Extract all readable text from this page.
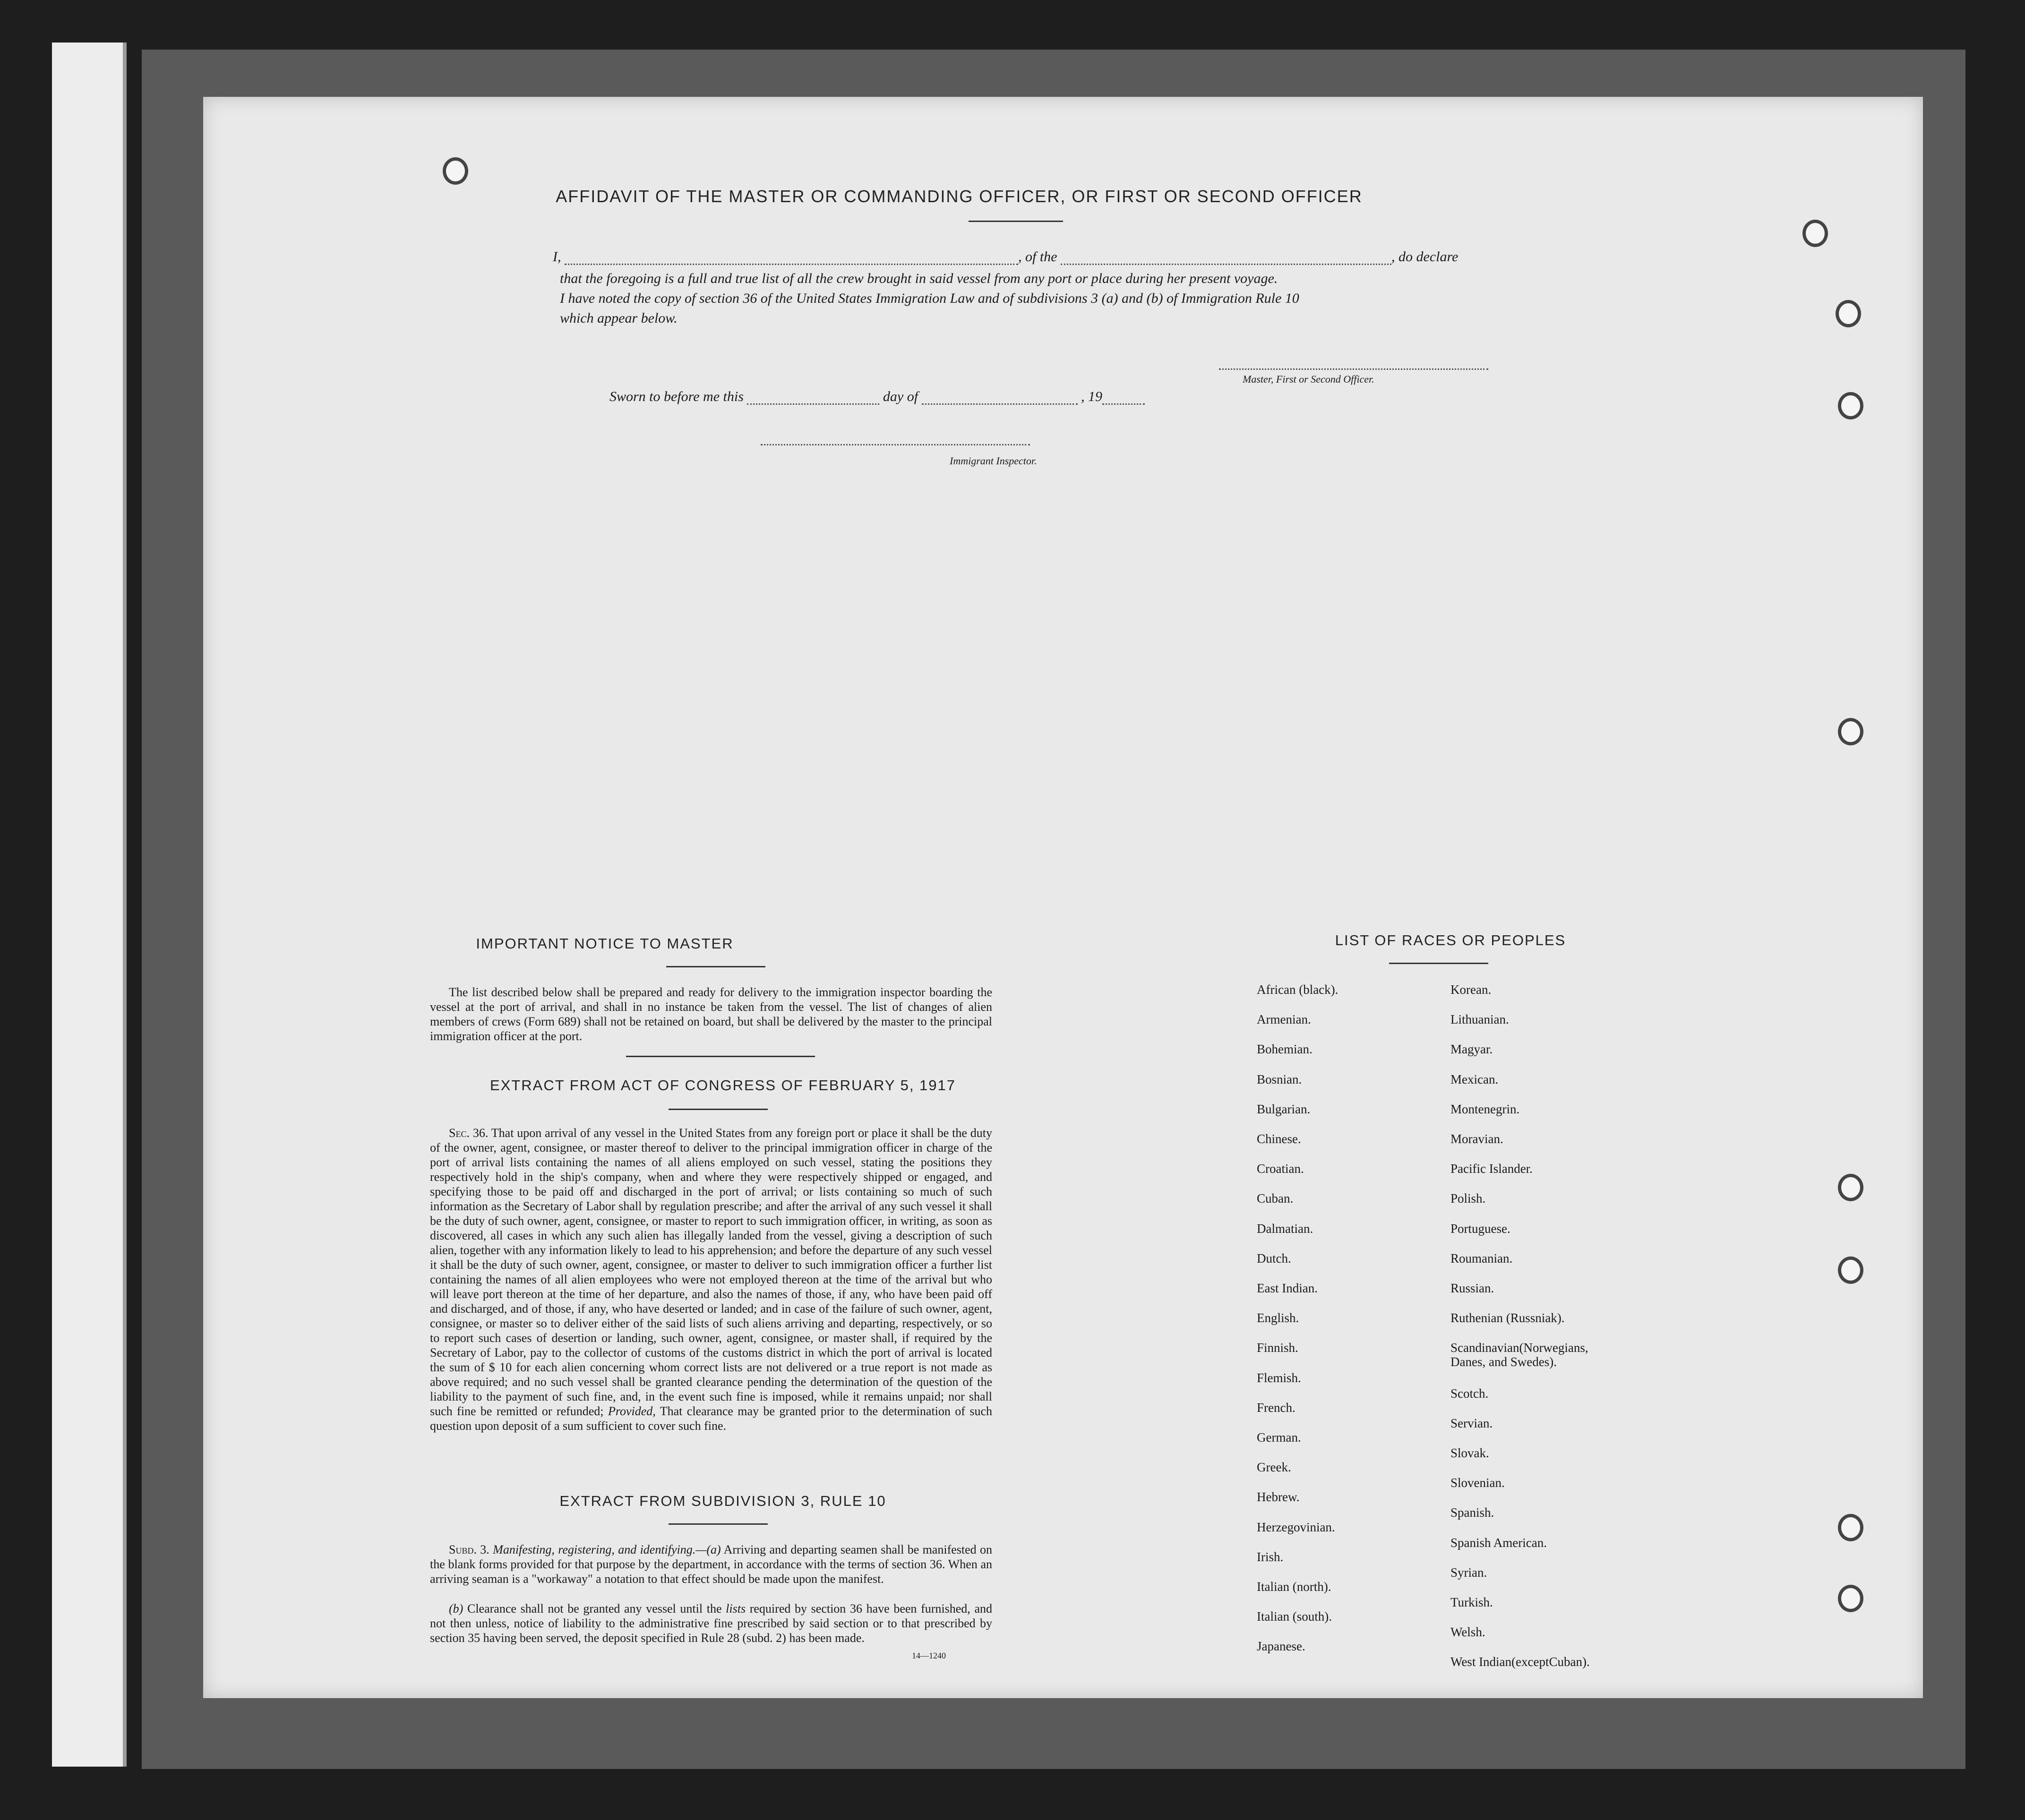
AFFIDAVIT OF THE MASTER OR COMMANDING OFFICER, OR FIRST OR SECOND OFFICER
I,	, of the	, do declare
that the foregoing is a full and true list of all the crew brought in said vessel from any port or place during her present voyage.
I have noted the copy of section 36 of the United States Immigration Law and of subdivisions 3 (a) and (b) of Immigration Rule 10
which appear below.
Master, First or Second Officer.
Sworn to before me this	day of	, 19
Immigrant Inspector.
IMPORTANT NOTICE TO MASTER
The list described below shall be prepared and ready for delivery to the immigration inspector boarding the vessel at the port of arrival, and shall in no instance be taken from the vessel. The list of changes of alien members of crews (Form 689) shall not be retained on board, but shall be delivered by the master to the principal immigration officer at the port.
EXTRACT FROM ACT OF CONGRESS OF FEBRUARY 5, 1917
Sec. 36. That upon arrival of any vessel in the United States from any foreign port or place it shall be the duty of the owner, agent, consignee, or master thereof to deliver to the principal immigration officer in charge of the port of arrival lists containing the names of all aliens employed on such vessel, stating the positions they respectively hold in the ship's company, when and where they were respectively shipped or engaged, and specifying those to be paid off and discharged in the port of arrival; or lists containing so much of such information as the Secretary of Labor shall by regulation prescribe; and after the arrival of any such vessel it shall be the duty of such owner, agent, consignee, or master to report to such immigration officer, in writing, as soon as discovered, all cases in which any such alien has illegally landed from the vessel, giving a description of such alien, together with any information likely to lead to his apprehension; and before the departure of any such vessel it shall be the duty of such owner, agent, consignee, or master to deliver to such immigration officer a further list containing the names of all alien employees who were not employed thereon at the time of the arrival but who will leave port thereon at the time of her departure, and also the names of those, if any, who have been paid off and discharged, and of those, if any, who have deserted or landed; and in case of the failure of such owner, agent, consignee, or master so to deliver either of the said lists of such aliens arriving and departing, respectively, or so to report such cases of desertion or landing, such owner, agent, consignee, or master shall, if required by the Secretary of Labor, pay to the collector of customs of the customs district in which the port of arrival is located the sum of $ 10 for each alien concerning whom correct lists are not delivered or a true report is not made as above required; and no such vessel shall be granted clearance pending the determination of the question of the liability to the payment of such fine, and, in the event such fine is imposed, while it remains unpaid; nor shall such fine be remitted or refunded; Provided, That clearance may be granted prior to the determination of such question upon deposit of a sum sufficient to cover such fine.
EXTRACT FROM SUBDIVISION 3, RULE 10
Subd. 3. Manifesting, registering, and identifying.—(a) Arriving and departing seamen shall be manifested on the blank forms provided for that purpose by the department, in accordance with the terms of section 36. When an arriving seaman is a "workaway" a notation to that effect should be made upon the manifest.
(b) Clearance shall not be granted any vessel until the lists required by section 36 have been furnished, and not then unless, notice of liability to the administrative fine prescribed by said section or to that prescribed by section 35 having been served, the deposit specified in Rule 28 (subd. 2) has been made.
14—1240
LIST OF RACES OR PEOPLES
African (black).
Armenian.
Bohemian.
Bosnian.
Bulgarian.
Chinese.
Croatian.
Cuban.
Dalmatian.
Dutch.
East Indian.
English.
Finnish.
Flemish.
French.
German.
Greek.
Hebrew.
Herzegovinian.
Irish.
Italian (north).
Italian (south).
Japanese.
Korean.
Lithuanian.
Magyar.
Mexican.
Montenegrin.
Moravian.
Pacific Islander.
Polish.
Portuguese.
Roumanian.
Russian.
Ruthenian (Russniak).
Scandinavian(Norwegians,
Danes, and Swedes).
Scotch.
Servian.
Slovak.
Slovenian.
Spanish.
Spanish American.
Syrian.
Turkish.
Welsh.
West Indian(exceptCuban).
